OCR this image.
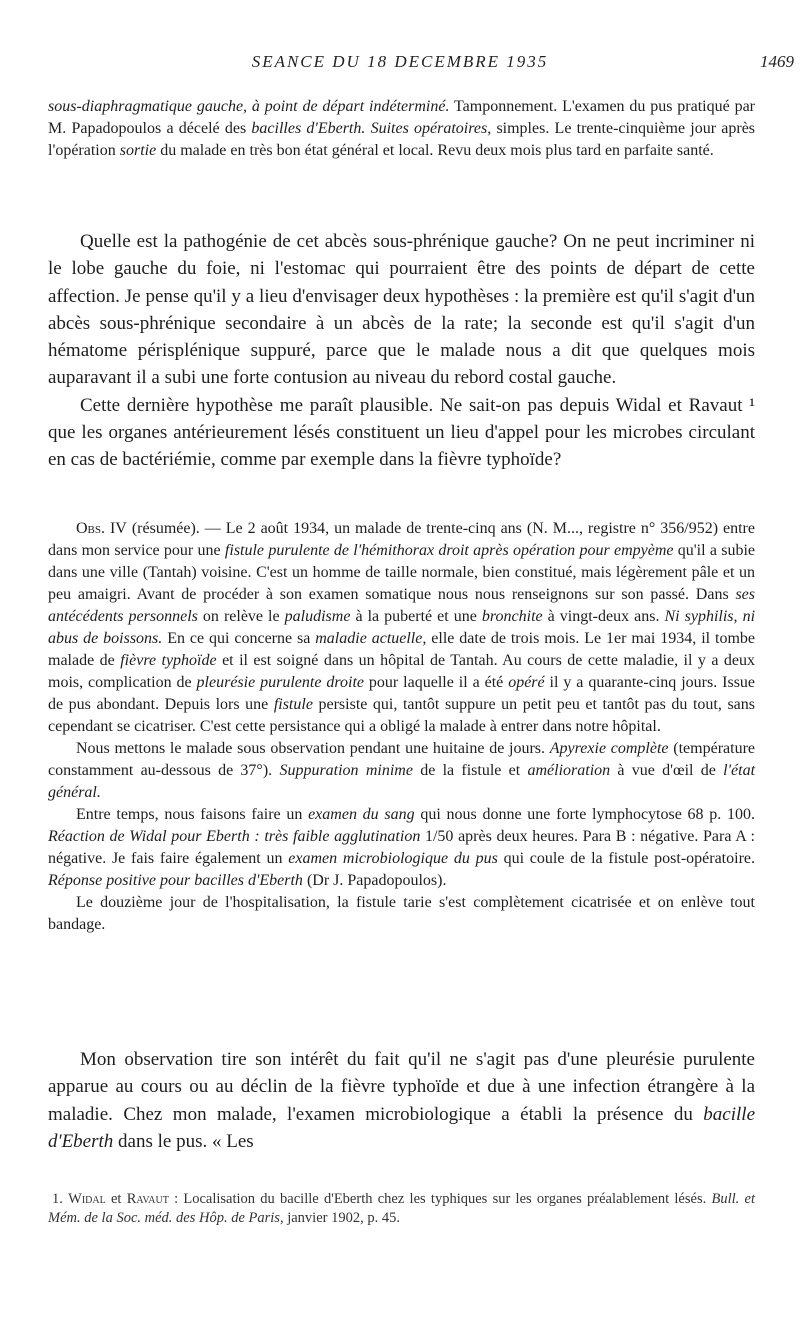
SEANCE DU 18 DECEMBRE 1935	1469

sous-diaphragmatique gauche, à point de départ indéterminé. Tamponnement. L'examen du pus pratiqué par M. Papadopoulos a décelé des bacilles d'Eberth. Suites opératoires, simples. Le trente-cinquième jour après l'opération sortie du malade en très bon état général et local. Revu deux mois plus tard en parfaite santé.

Quelle est la pathogénie de cet abcès sous-phrénique gauche? On ne peut incriminer ni le lobe gauche du foie, ni l'estomac qui pourraient être des points de départ de cette affection. Je pense qu'il y a lieu d'envisager deux hypothèses : la première est qu'il s'agit d'un abcès sous-phrénique secondaire à un abcès de la rate; la seconde est qu'il s'agit d'un hématome périsplénique suppuré, parce que le malade nous a dit que quelques mois auparavant il a subi une forte contusion au niveau du rebord costal gauche.

Cette dernière hypothèse me paraît plausible. Ne sait-on pas depuis Widal et Ravaut ¹ que les organes antérieurement lésés constituent un lieu d'appel pour les microbes circulant en cas de bactériémie, comme par exemple dans la fièvre typhoïde?

Obs. IV (résumée). — Le 2 août 1934, un malade de trente-cinq ans (N. M..., registre n° 356/952) entre dans mon service pour une fistule purulente de l'hémithorax droit après opération pour empyème qu'il a subie dans une ville (Tantah) voisine. C'est un homme de taille normale, bien constitué, mais légèrement pâle et un peu amaigri. Avant de procéder à son examen somatique nous nous renseignons sur son passé. Dans ses antécédents personnels on relève le paludisme à la puberté et une bronchite à vingt-deux ans. Ni syphilis, ni abus de boissons. En ce qui concerne sa maladie actuelle, elle date de trois mois. Le 1er mai 1934, il tombe malade de fièvre typhoïde et il est soigné dans un hôpital de Tantah. Au cours de cette maladie, il y a deux mois, complication de pleurésie purulente droite pour laquelle il a été opéré il y a quarante-cinq jours. Issue de pus abondant. Depuis lors une fistule persiste qui, tantôt suppure un petit peu et tantôt pas du tout, sans cependant se cicatriser. C'est cette persistance qui a obligé la malade à entrer dans notre hôpital.

Nous mettons le malade sous observation pendant une huitaine de jours. Apyrexie complète (température constamment au-dessous de 37°). Suppuration minime de la fistule et amélioration à vue d'œil de l'état général.

Entre temps, nous faisons faire un examen du sang qui nous donne une forte lymphocytose 68 p. 100. Réaction de Widal pour Eberth : très faible agglutination 1/50 après deux heures. Para B : négative. Para A : négative. Je fais faire également un examen microbiologique du pus qui coule de la fistule post-opératoire. Réponse positive pour bacilles d'Eberth (Dr J. Papadopoulos).

Le douzième jour de l'hospitalisation, la fistule tarie s'est complètement cicatrisée et on enlève tout bandage.

Mon observation tire son intérêt du fait qu'il ne s'agit pas d'une pleurésie purulente apparue au cours ou au déclin de la fièvre typhoïde et due à une infection étrangère à la maladie. Chez mon malade, l'examen microbiologique a établi la présence du bacille d'Eberth dans le pus. « Les

1. Widal et Ravaut : Localisation du bacille d'Eberth chez les typhiques sur les organes préalablement lésés. Bull. et Mém. de la Soc. méd. des Hôp. de Paris, janvier 1902, p. 45.
